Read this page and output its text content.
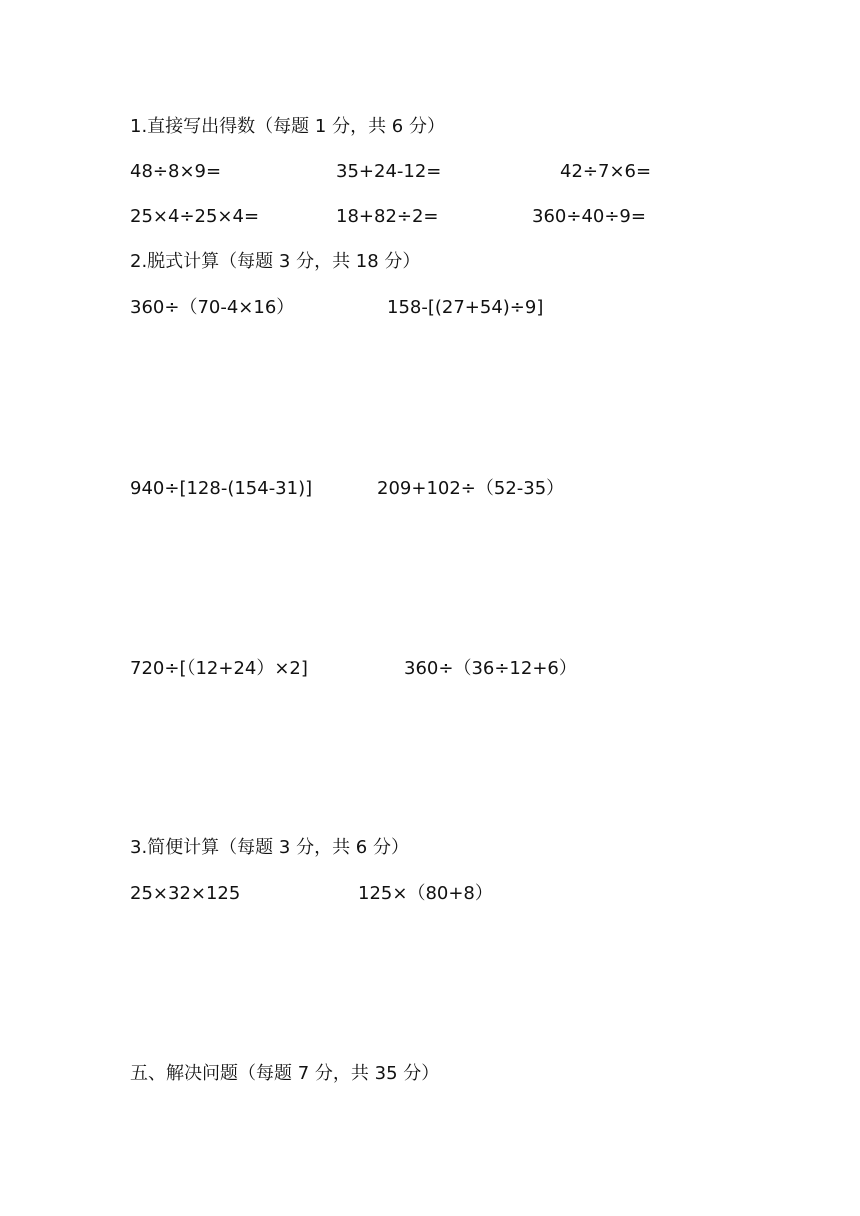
1.直接写出得数（每题 1 分，共 6 分）
48÷8×9=	35+24-12=	42÷7×6=
25×4÷25×4=	18+82÷2=	360÷40÷9=
2.脱式计算（每题 3 分，共 18 分）
360÷（70-4×16）	158-[(27+54)÷9]
940÷[128-(154-31)]	209+102÷（52-35）
720÷[（12+24）×2]	360÷（36÷12+6）
3.简便计算（每题 3 分，共 6 分）
25×32×125	125×（80+8）
五、解决问题（每题 7 分，共 35 分）
